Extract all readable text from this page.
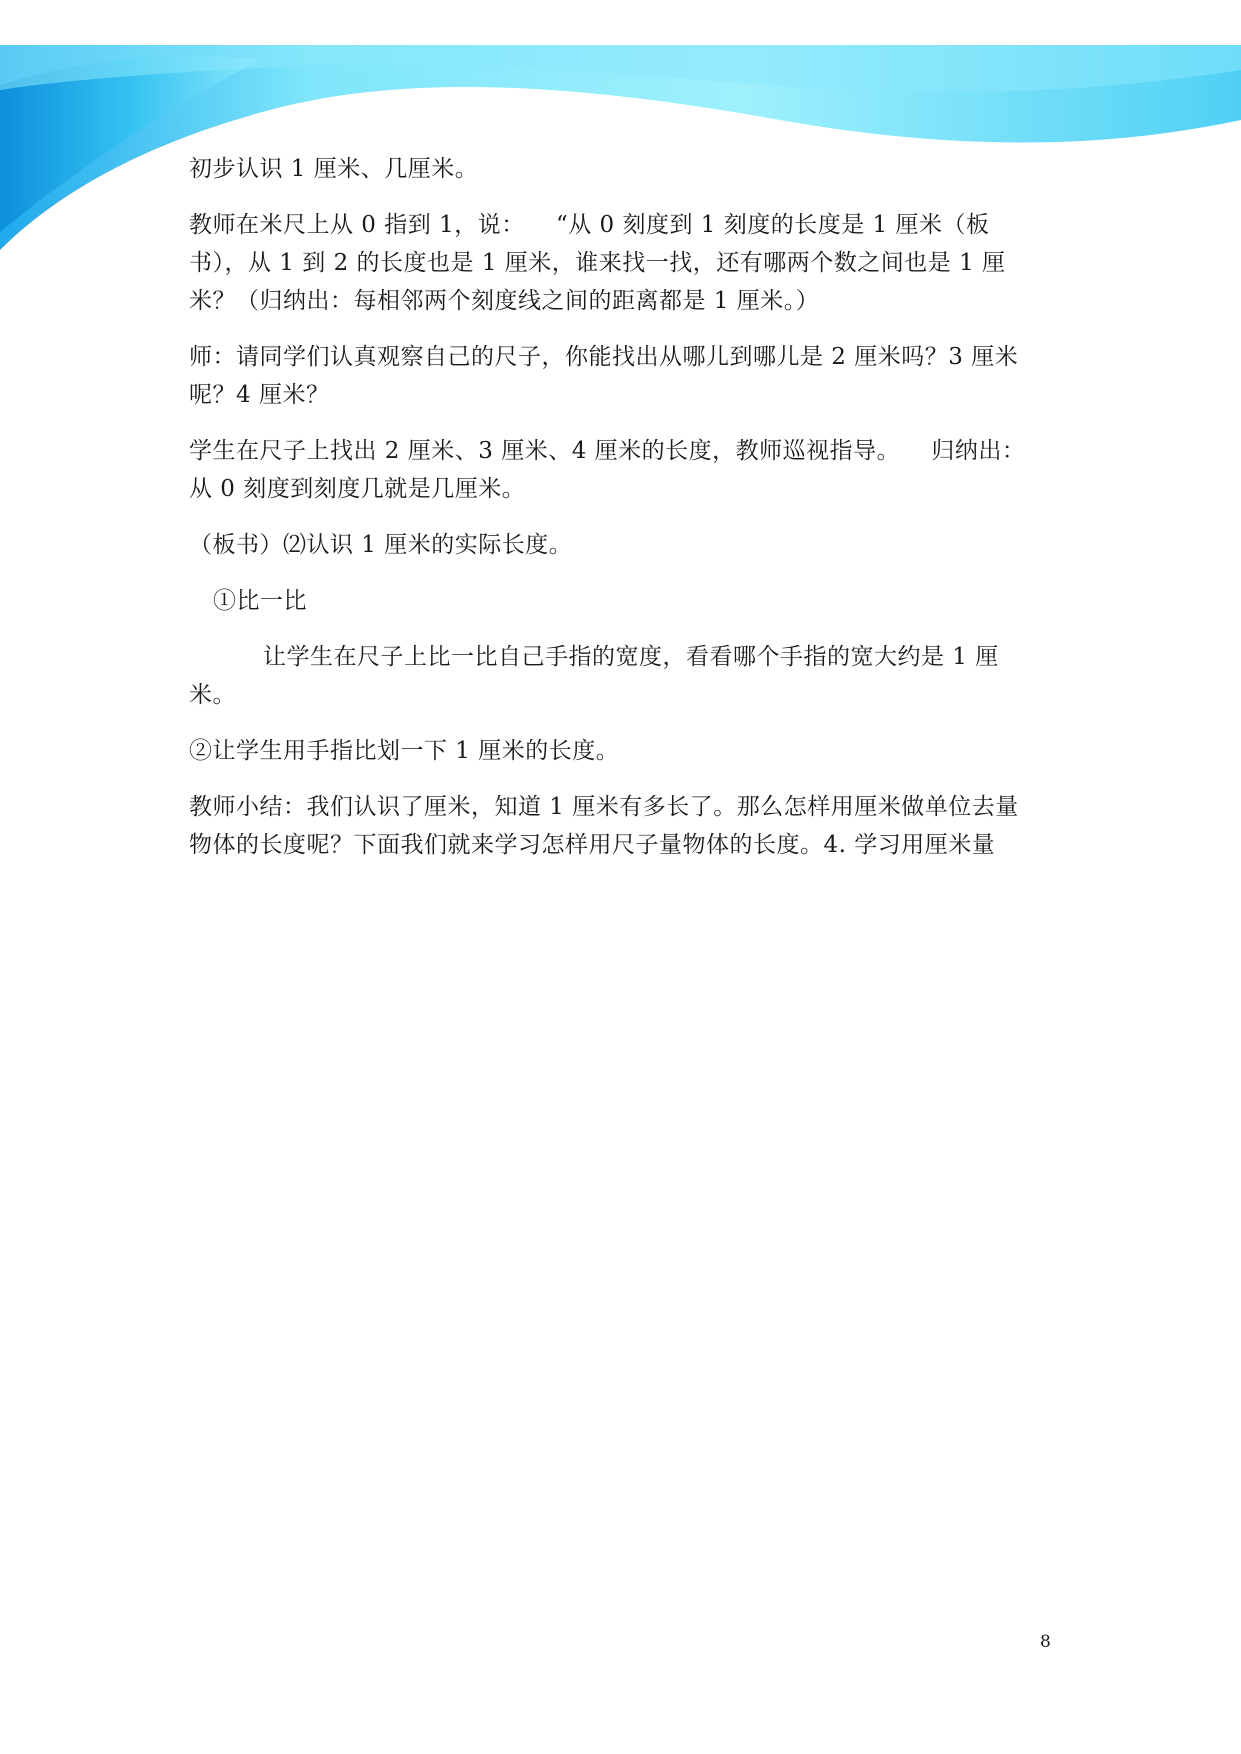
初步认识 1 厘米、几厘米。

教师在米尺上从 0 指到 1，说：    “从 0 刻度到 1 刻度的长度是 1 厘米（板书），从 1 到 2 的长度也是 1 厘米，谁来找一找，还有哪两个数之间也是 1 厘米？（归纳出：每相邻两个刻度线之间的距离都是 1 厘米。）

师：请同学们认真观察自己的尺子，你能找出从哪儿到哪儿是 2 厘米吗？3 厘米呢？4 厘米？

学生在尺子上找出 2 厘米、3 厘米、4 厘米的长度，教师巡视指导。    归纳出：从 0 刻度到刻度几就是几厘米。

（板书）⑵认识 1 厘米的实际长度。

①比一比

让学生在尺子上比一比自己手指的宽度，看看哪个手指的宽大约是 1 厘米。

②让学生用手指比划一下 1 厘米的长度。

教师小结：我们认识了厘米，知道 1 厘米有多长了。那么怎样用厘米做单位去量物体的长度呢？下面我们就来学习怎样用尺子量物体的长度。4. 学习用厘米量

8
